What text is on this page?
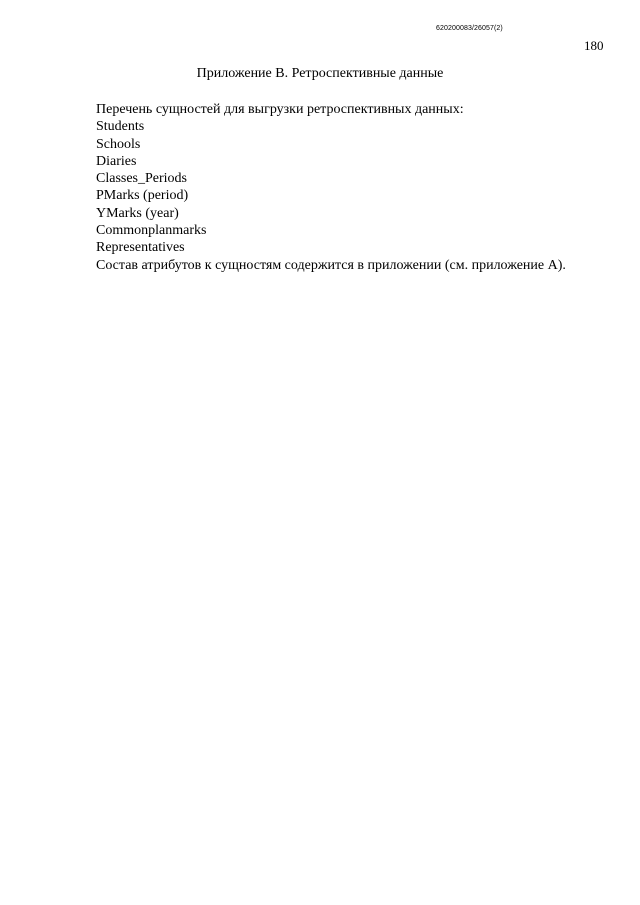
620200083/26057(2)
180
Приложение В. Ретроспективные данные
Перечень сущностей для выгрузки ретроспективных данных:
Students
Schools
Diaries
Classes_Periods
PMarks (period)
YMarks (year)
Commonplanmarks
Representatives
Состав атрибутов к сущностям содержится в приложении (см. приложение А).
